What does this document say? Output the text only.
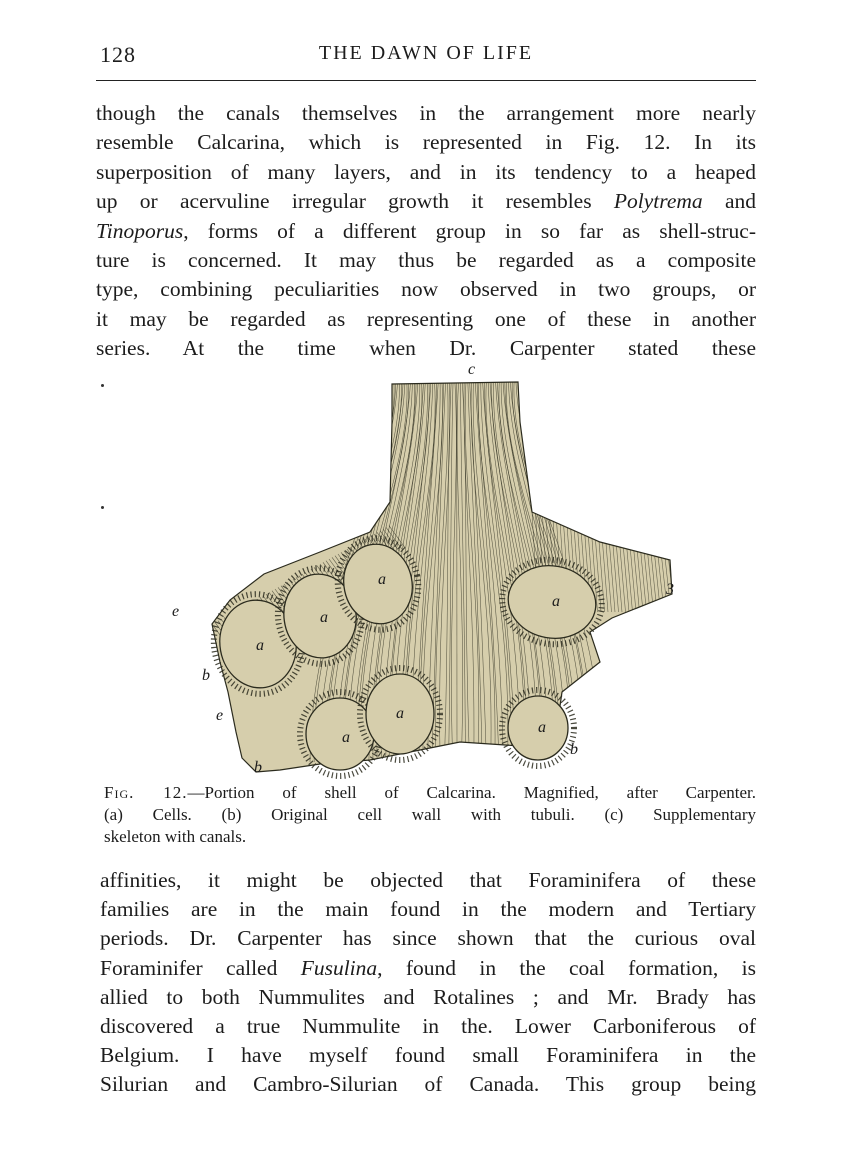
128	THE DAWN OF LIFE
though the canals themselves in the arrangement more nearly
resemble Calcarina, which is represented in Fig. 12. In its
superposition of many layers, and in its tendency to a heaped
up or acervuline irregular growth it resembles Polytrema and
Tinoporus, forms of a different group in so far as shell-struc-
ture is concerned. It may thus be regarded as a composite
type, combining peculiarities now observed in two groups, or
it may be regarded as representing one of these in another
series. At the time when Dr. Carpenter stated these
c
a
a
a
a
a
a
a
e
b
e
b
b
3
Fig. 12.—Portion of shell of Calcarina. Magnified, after Carpenter.
(a) Cells. (b) Original cell wall with tubuli. (c) Supplementary
skeleton with canals.
affinities, it might be objected that Foraminifera of these
families are in the main found in the modern and Tertiary
periods. Dr. Carpenter has since shown that the curious oval
Foraminifer called Fusulina, found in the coal formation, is
allied to both Nummulites and Rotalines ; and Mr. Brady has
discovered a true Nummulite in the. Lower Carboniferous of
Belgium. I have myself found small Foraminifera in the
Silurian and Cambro-Silurian of Canada. This group being
